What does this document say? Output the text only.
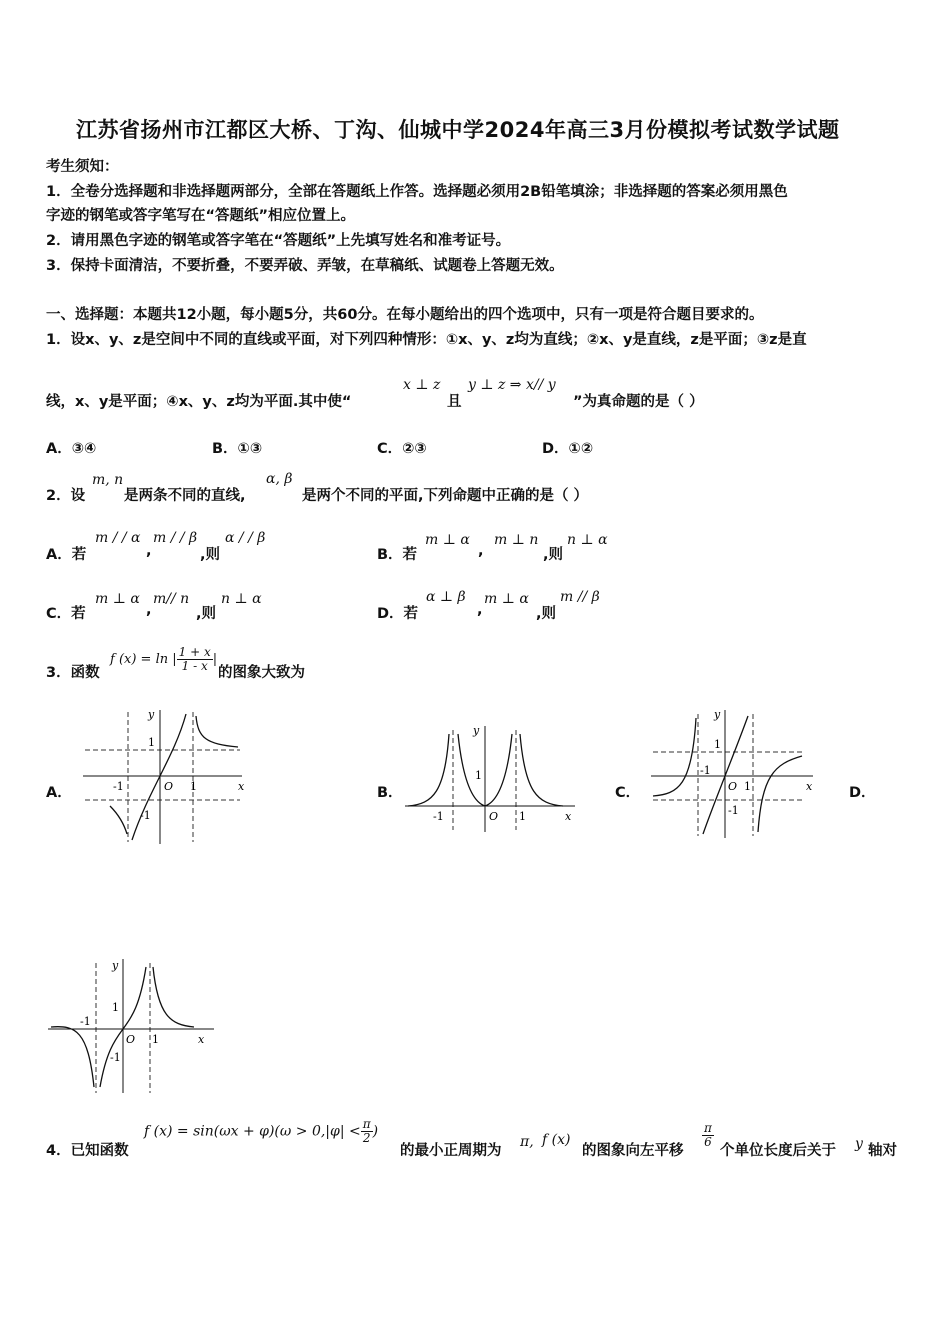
江苏省扬州市江都区大桥、丁沟、仙城中学2024年高三3月份模拟考试数学试题
考生须知：
1．全卷分选择题和非选择题两部分，全部在答题纸上作答。选择题必须用2B铅笔填涂；非选择题的答案必须用黑色
字迹的钢笔或答字笔写在“答题纸”相应位置上。
2．请用黑色字迹的钢笔或答字笔在“答题纸”上先填写姓名和准考证号。
3．保持卡面清洁，不要折叠，不要弄破、弄皱，在草稿纸、试题卷上答题无效。
一、选择题：本题共12小题，每小题5分，共60分。在每小题给出的四个选项中，只有一项是符合题目要求的。
1．设x、y、z是空间中不同的直线或平面，对下列四种情形：①x、y、z均为直线；②x、y是直线，z是平面；③z是直
线，x、y是平面；④x、y、z均为平面.其中使“
x ⊥ z
且
y ⊥ z ⇒ x// y
”为真命题的是（ ）
A．③④	B．①③	C．②③	D．①②
2．设
m, n
是两条不同的直线,
α, β
是两个不同的平面,下列命题中正确的是（ ）
A．若
m / / α
,
m / / β
,则
α / / β
B．若
m ⊥ α
,
m ⊥ n
,则
n ⊥ α
C．若
m ⊥ α
,
m// n
,则
n ⊥ α
D．若
α ⊥ β
,
m ⊥ α
,则
m // β
3．函数
f (x) = ln | $\frac{1 + x}{1 - x}$ |
的图象大致为
A．	B．	C．	D．
y
x
1
-1	O 1
-1
y
x
1
-1	O 1
y
x
1
-1
O 1
-1
y
x
1
-1
O 1
-1
4．已知函数
f $(x) = \sin(\omega x + \varphi)(\omega > 0,|\varphi| < \frac{\pi}{2}$ )
的最小正周期为
π, f (x)
的图象向左平移
$\frac{\pi}{6}$
个单位长度后关于 y 轴对
